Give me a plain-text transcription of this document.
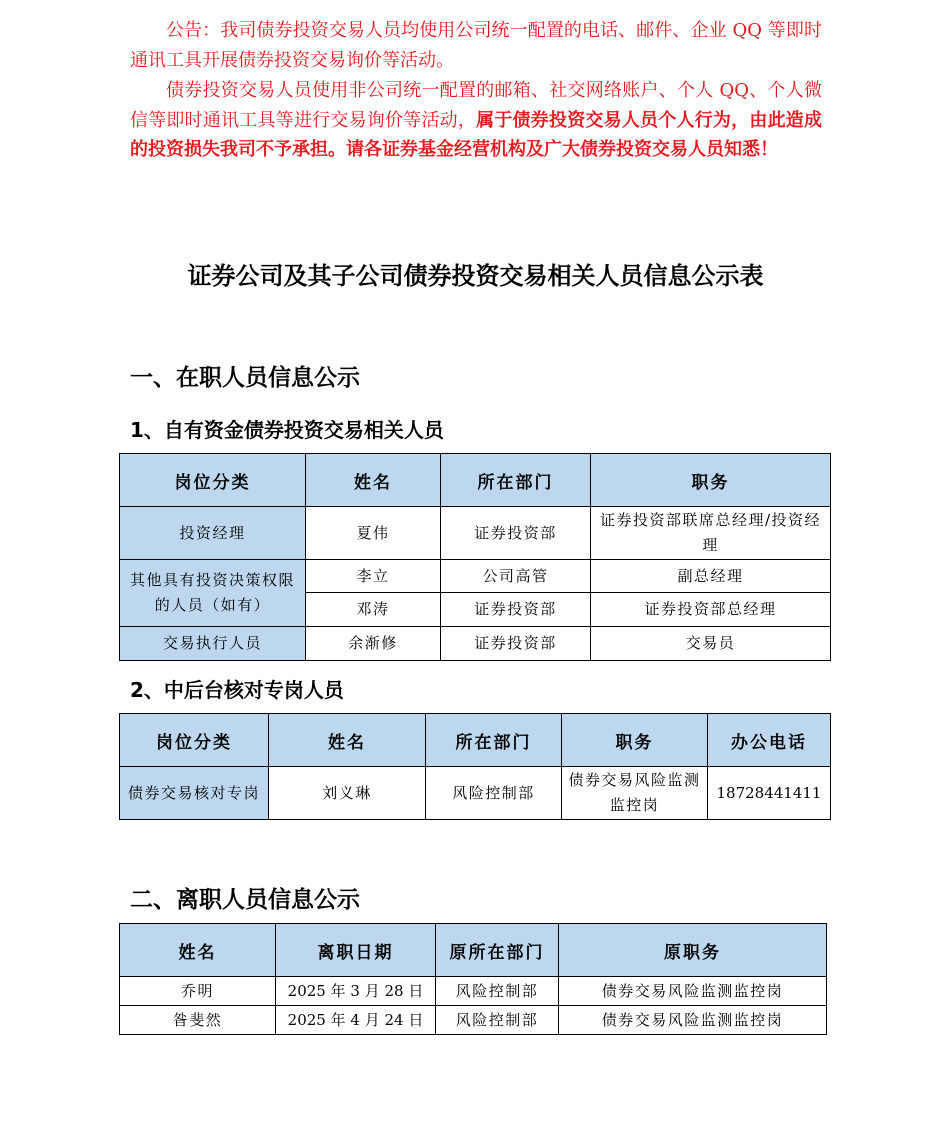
公告：我司债券投资交易人员均使用公司统一配置的电话、邮件、企业 QQ 等即时通讯工具开展债券投资交易询价等活动。

债券投资交易人员使用非公司统一配置的邮箱、社交网络账户、个人 QQ、个人微信等即时通讯工具等进行交易询价等活动，属于债券投资交易人员个人行为，由此造成的投资损失我司不予承担。请各证券基金经营机构及广大债券投资交易人员知悉！

证券公司及其子公司债券投资交易相关人员信息公示表
一、在职人员信息公示
1、自有资金债券投资交易相关人员
岗位分类	姓名	所在部门	职务
投资经理	夏伟	证券投资部	证券投资部联席总经理/投资经理
其他具有投资决策权限的人员（如有）	李立	公司高管	副总经理
	邓涛	证券投资部	证券投资部总经理
交易执行人员	余渐修	证券投资部	交易员
2、中后台核对专岗人员
岗位分类	姓名	所在部门	职务	办公电话
债券交易核对专岗	刘义琳	风险控制部	债券交易风险监测监控岗	18728441411
二、离职人员信息公示
姓名	离职日期	原所在部门	原职务
乔明	2025 年 3 月 28 日	风险控制部	债券交易风险监测监控岗
昝斐然	2025 年 4 月 24 日	风险控制部	债券交易风险监测监控岗
